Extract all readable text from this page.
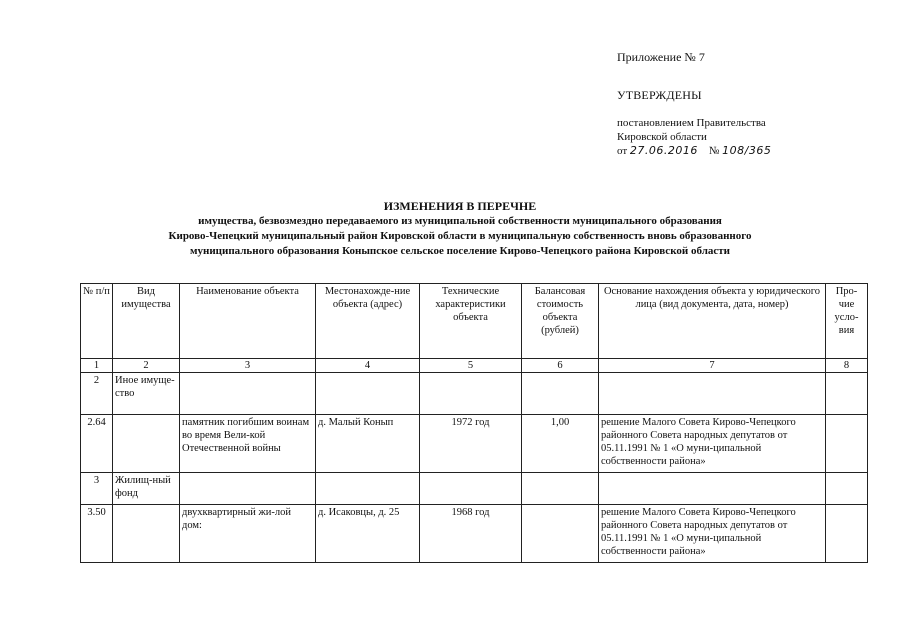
Приложение № 7
УТВЕРЖДЕНЫ
постановлением Правительства
Кировской области
от 27.06.2016 № 108/365
ИЗМЕНЕНИЯ В ПЕРЕЧНЕ
имущества, безвозмездно передаваемого из муниципальной собственности муниципального образования
Кирово-Чепецкий муниципальный район Кировской области в муниципальную собственность вновь образованного
муниципального образования Коныпское сельское поселение Кирово-Чепецкого района Кировской области
№ п/п	Вид имущества	Наименование объекта	Местонахожде-ние объекта (адрес)	Технические характеристики объекта	Балансовая стоимость объекта (рублей)	Основание нахождения объекта у юридического лица (вид документа, дата, номер)	Про-чие усло-вия
1	2	3	4	5	6	7	8
2	Иное имуще-ство						
2.64		памятник погибшим воинам во время Вели-кой Отечественной войны	д. Малый Конып	1972 год	1,00	решение Малого Совета Кирово-Чепецкого районного Совета народных депутатов от 05.11.1991 № 1 «О муни-ципальной собственности района»	
3	Жилищ-ный фонд						
3.50		двухквартирный жи-лой дом:	д. Исаковцы, д. 25	1968 год		решение Малого Совета Кирово-Чепецкого районного Совета народных депутатов от 05.11.1991 № 1 «О муни-ципальной собственности района»	
